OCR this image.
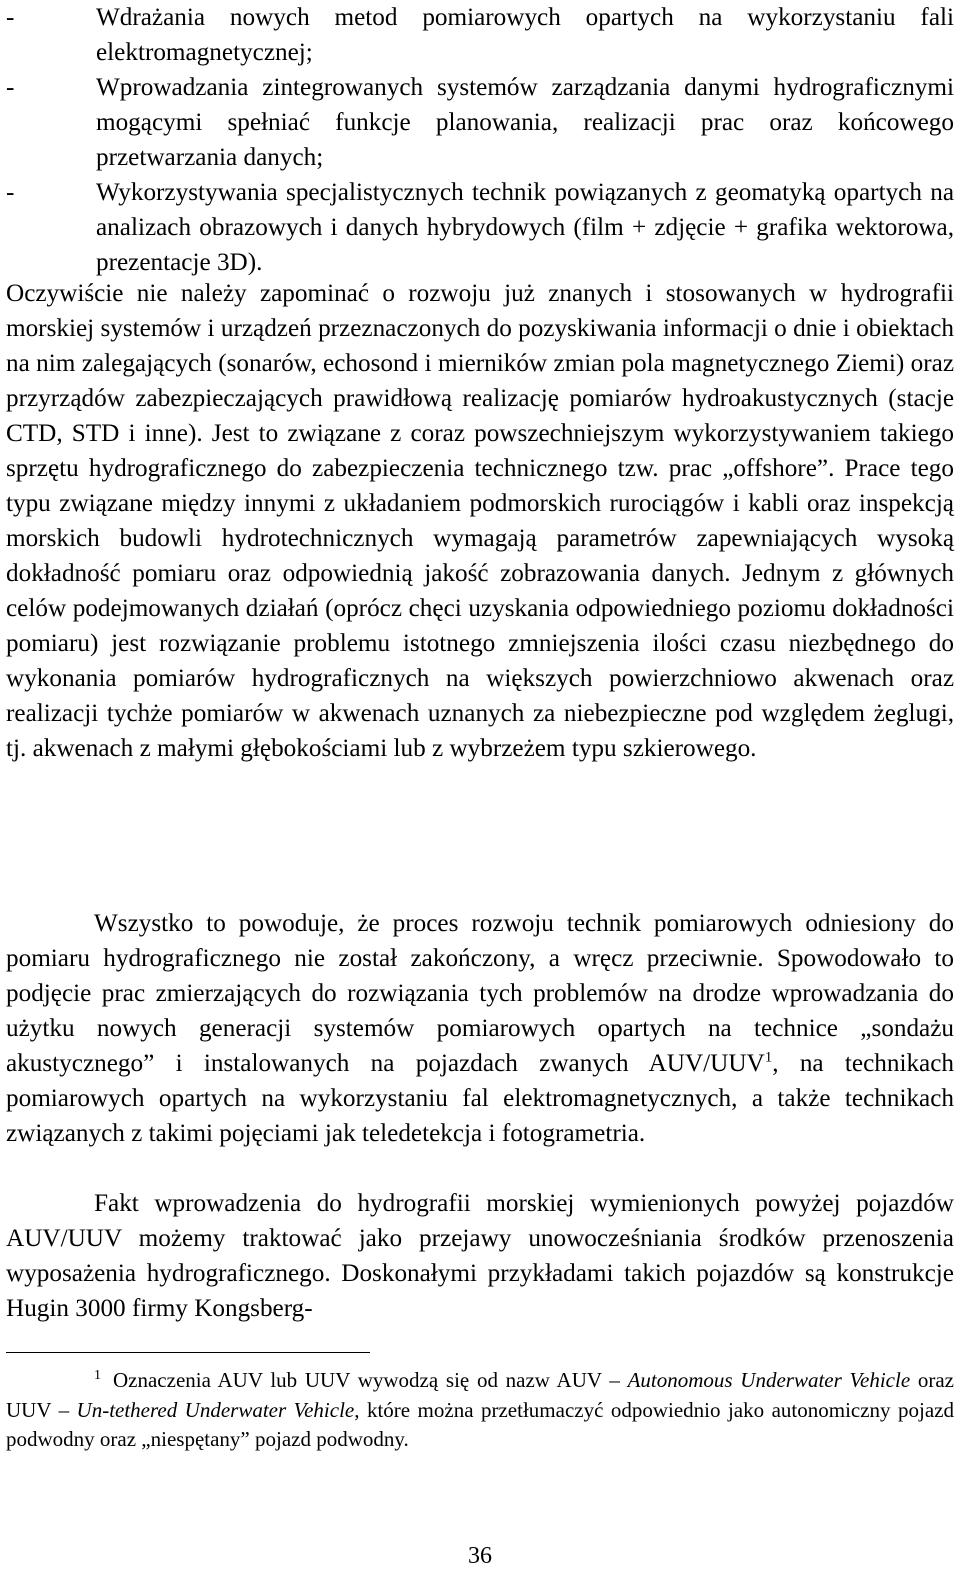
-	Wdrażania nowych metod pomiarowych opartych na wykorzystaniu fali elektromagnetycznej;
-	Wprowadzania zintegrowanych systemów zarządzania danymi hydrograficznymi mogącymi spełniać funkcje planowania, realizacji prac oraz końcowego przetwarzania danych;
-	Wykorzystywania specjalistycznych technik powiązanych z geomatyką opartych na analizach obrazowych i danych hybrydowych (film + zdjęcie + grafika wektorowa, prezentacje 3D).

Oczywiście nie należy zapominać o rozwoju już znanych i stosowanych w hydrografii morskiej systemów i urządzeń przeznaczonych do pozyskiwania informacji o dnie i obiektach na nim zalegających (sonarów, echosond i mierników zmian pola magnetycznego Ziemi) oraz przyrządów zabezpieczających prawidłową realizację pomiarów hydroakustycznych (stacje CTD, STD i inne). Jest to związane z coraz powszechniejszym wykorzystywaniem takiego sprzętu hydrograficznego do zabezpieczenia technicznego tzw. prac „offshore”. Prace tego typu związane między innymi z układaniem podmorskich rurociągów i kabli oraz inspekcją morskich budowli hydrotechnicznych wymagają parametrów zapewniających wysoką dokładność pomiaru oraz odpowiednią jakość zobrazowania danych. Jednym z głównych celów podejmowanych działań (oprócz chęci uzyskania odpowiedniego poziomu dokładności pomiaru) jest rozwiązanie problemu istotnego zmniejszenia ilości czasu niezbędnego do wykonania pomiarów hydrograficznych na większych powierzchniowo akwenach oraz realizacji tychże pomiarów w akwenach uznanych za niebezpieczne pod względem żeglugi, tj. akwenach z małymi głębokościami lub z wybrzeżem typu szkierowego.

Wszystko to powoduje, że proces rozwoju technik pomiarowych odniesiony do pomiaru hydrograficznego nie został zakończony, a wręcz przeciwnie. Spowodowało to podjęcie prac zmierzających do rozwiązania tych problemów na drodze wprowadzania do użytku nowych generacji systemów pomiarowych opartych na technice „sondażu akustycznego” i instalowanych na pojazdach zwanych AUV/UUV$^1$, na technikach pomiarowych opartych na wykorzystaniu fal elektromagnetycznych, a także technikach związanych z takimi pojęciami jak teledetekcja i fotogrametria.

Fakt wprowadzenia do hydrografii morskiej wymienionych powyżej pojazdów AUV/UUV możemy traktować jako przejawy unowocześniania środków przenoszenia wyposażenia hydrograficznego. Doskonałymi przykładami takich pojazdów są konstrukcje Hugin 3000 firmy Kongsberg-

$^1$ Oznaczenia AUV lub UUV wywodzą się od nazw AUV – Autonomous Underwater Vehicle oraz UUV – Un-tethered Underwater Vehicle, które można przetłumaczyć odpowiednio jako autonomiczny pojazd podwodny oraz „niespętany” pojazd podwodny.

36
